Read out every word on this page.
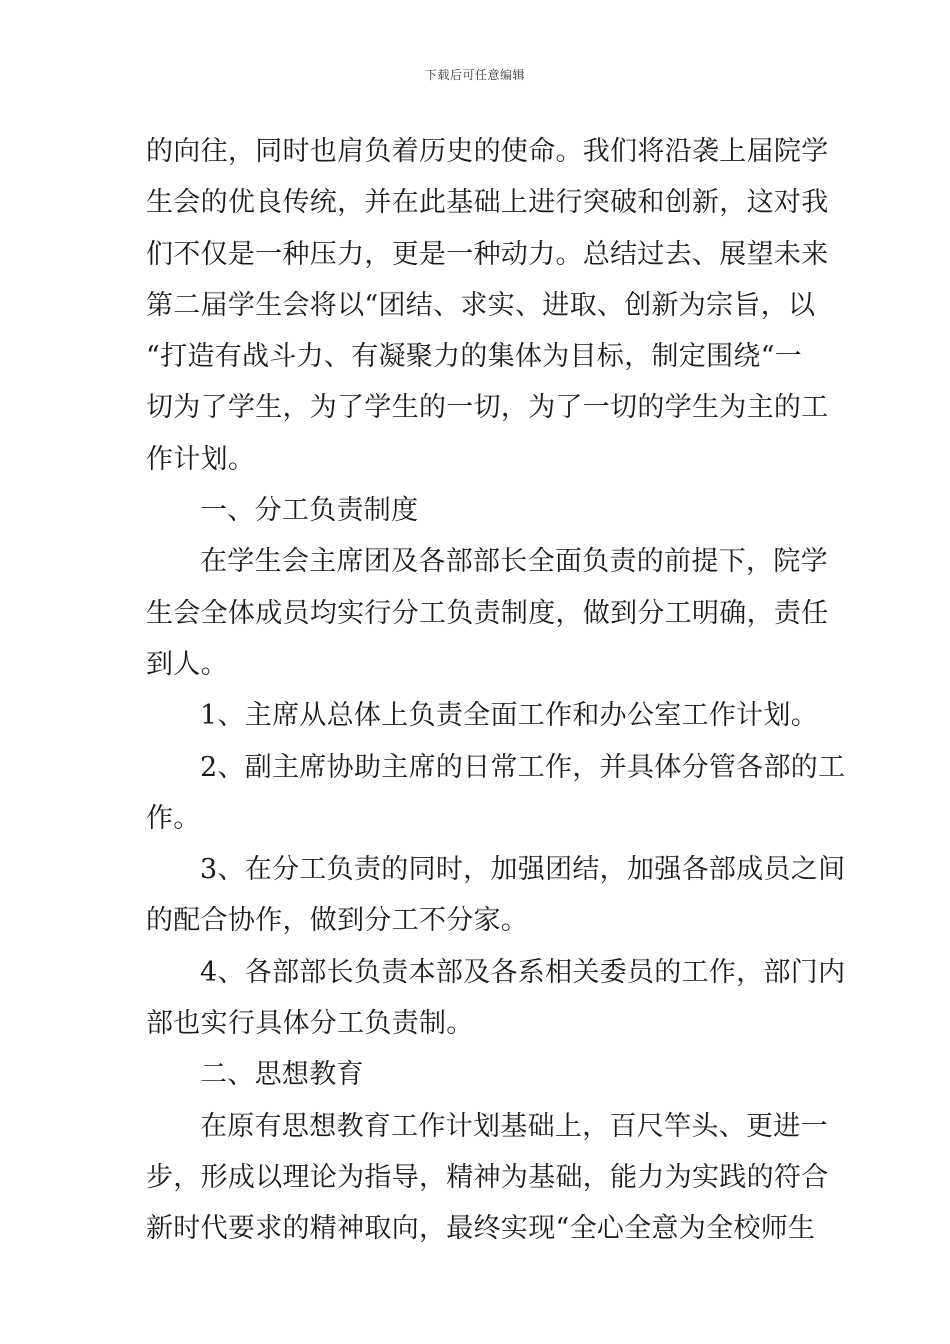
下载后可任意编辑
的向往，同时也肩负着历史的使命。我们将沿袭上届院学
生会的优良传统，并在此基础上进行突破和创新，这对我
们不仅是一种压力，更是一种动力。总结过去、展望未来
第二届学生会将以“团结、求实、进取、创新为宗旨，以
“打造有战斗力、有凝聚力的集体为目标，制定围绕“一
切为了学生，为了学生的一切，为了一切的学生为主的工
作计划。
一、分工负责制度
在学生会主席团及各部部长全面负责的前提下，院学
生会全体成员均实行分工负责制度，做到分工明确，责任
到人。
1、主席从总体上负责全面工作和办公室工作计划。
2、副主席协助主席的日常工作，并具体分管各部的工
作。
3、在分工负责的同时，加强团结，加强各部成员之间
的配合协作，做到分工不分家。
4、各部部长负责本部及各系相关委员的工作，部门内
部也实行具体分工负责制。
二、思想教育
在原有思想教育工作计划基础上，百尺竿头、更进一
步，形成以理论为指导，精神为基础，能力为实践的符合
新时代要求的精神取向，最终实现“全心全意为全校师生
